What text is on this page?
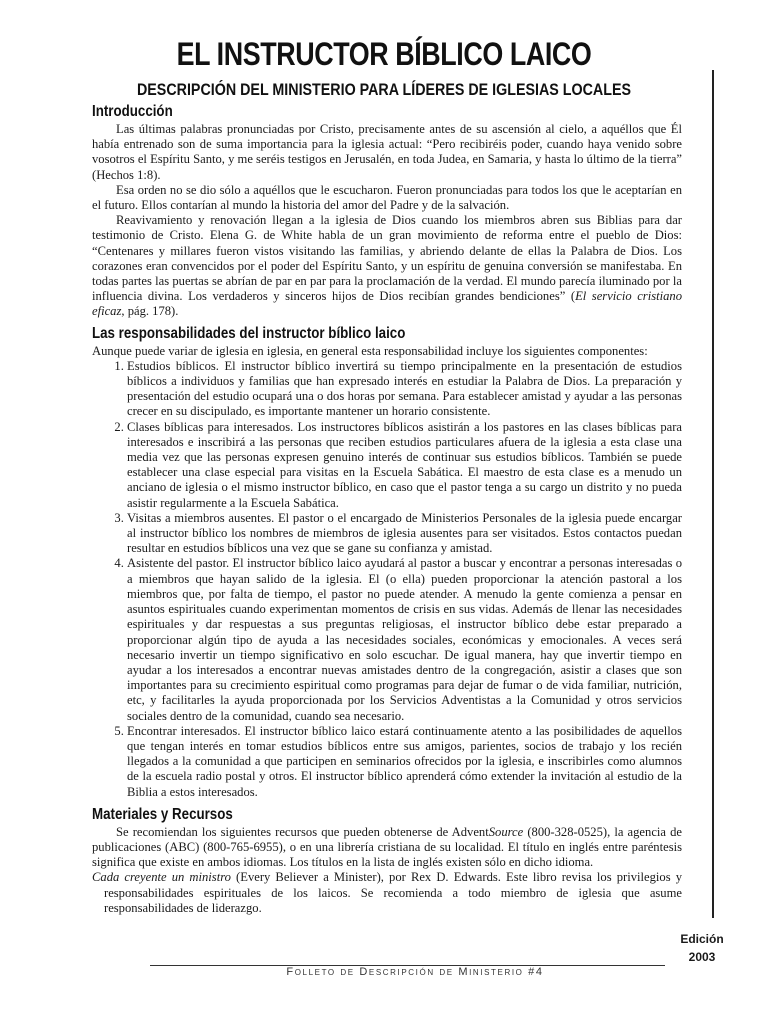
EL INSTRUCTOR BÍBLICO LAICO
DESCRIPCIÓN DEL MINISTERIO PARA LÍDERES DE IGLESIAS LOCALES
Introducción

Las últimas palabras pronunciadas por Cristo, precisamente antes de su ascensión al cielo, a aquéllos que Él había entrenado son de suma importancia para la iglesia actual: “Pero recibiréis poder, cuando haya venido sobre vosotros el Espíritu Santo, y me seréis testigos en Jerusalén, en toda Judea, en Samaria, y hasta lo último de la tierra” (Hechos 1:8).

Esa orden no se dio sólo a aquéllos que le escucharon. Fueron pronunciadas para todos los que le aceptarían en el futuro. Ellos contarían al mundo la historia del amor del Padre y de la salvación.

Reavivamiento y renovación llegan a la iglesia de Dios cuando los miembros abren sus Biblias para dar testimonio de Cristo. Elena G. de White habla de un gran movimiento de reforma entre el pueblo de Dios: “Centenares y millares fueron vistos visitando las familias, y abriendo delante de ellas la Palabra de Dios. Los corazones eran convencidos por el poder del Espíritu Santo, y un espíritu de genuina conversión se manifestaba. En todas partes las puertas se abrían de par en par para la proclamación de la verdad. El mundo parecía iluminado por la influencia divina. Los verdaderos y sinceros hijos de Dios recibían grandes bendiciones” (El servicio cristiano eficaz, pág. 178).

Las responsabilidades del instructor bíblico laico

Aunque puede variar de iglesia en iglesia, en general esta responsabilidad incluye los siguientes componentes:

1. Estudios bíblicos. El instructor bíblico invertirá su tiempo principalmente en la presentación de estudios bíblicos a individuos y familias que han expresado interés en estudiar la Palabra de Dios. La preparación y presentación del estudio ocupará una o dos horas por semana. Para establecer amistad y ayudar a las personas crecer en su discipulado, es importante mantener un horario consistente.
2. Clases bíblicas para interesados. Los instructores bíblicos asistirán a los pastores en las clases bíblicas para interesados e inscribirá a las personas que reciben estudios particulares afuera de la iglesia a esta clase una media vez que las personas expresen genuino interés de continuar sus estudios bíblicos. También se puede establecer una clase especial para visitas en la Escuela Sabática. El maestro de esta clase es a menudo un anciano de iglesia o el mismo instructor bíblico, en caso que el pastor tenga a su cargo un distrito y no pueda asistir regularmente a la Escuela Sabática.
3. Visitas a miembros ausentes. El pastor o el encargado de Ministerios Personales de la iglesia puede encargar al instructor bíblico los nombres de miembros de iglesia ausentes para ser visitados. Estos contactos puedan resultar en estudios bíblicos una vez que se gane su confianza y amistad.
4. Asistente del pastor. El instructor bíblico laico ayudará al pastor a buscar y encontrar a personas interesadas o a miembros que hayan salido de la iglesia. El (o ella) pueden proporcionar la atención pastoral a los miembros que, por falta de tiempo, el pastor no puede atender. A menudo la gente comienza a pensar en asuntos espirituales cuando experimentan momentos de crisis en sus vidas. Además de llenar las necesidades espirituales y dar respuestas a sus preguntas religiosas, el instructor bíblico debe estar preparado a proporcionar algún tipo de ayuda a las necesidades sociales, económicas y emocionales. A veces será necesario invertir un tiempo significativo en solo escuchar. De igual manera, hay que invertir tiempo en ayudar a los interesados a encontrar nuevas amistades dentro de la congregación, asistir a clases que son importantes para su crecimiento espiritual como programas para dejar de fumar o de vida familiar, nutrición, etc, y facilitarles la ayuda proporcionada por los Servicios Adventistas a la Comunidad y otros servicios sociales dentro de la comunidad, cuando sea necesario.
5. Encontrar interesados. El instructor bíblico laico estará continuamente atento a las posibilidades de aquellos que tengan interés en tomar estudios bíblicos entre sus amigos, parientes, socios de trabajo y los recién llegados a la comunidad a que participen en seminarios ofrecidos por la iglesia, e inscribirles como alumnos de la escuela radio postal y otros. El instructor bíblico aprenderá cómo extender la invitación al estudio de la Biblia a estos interesados.
Materiales y Recursos

Se recomiendan los siguientes recursos que pueden obtenerse de AdventSource (800-328-0525), la agencia de publicaciones (ABC) (800-765-6955), o en una librería cristiana de su localidad. El título en inglés entre paréntesis significa que existe en ambos idiomas. Los títulos en la lista de inglés existen sólo en dicho idioma.

Cada creyente un ministro (Every Believer a Minister), por Rex D. Edwards. Este libro revisa los privilegios y responsabilidades espirituales de los laicos. Se recomienda a todo miembro de iglesia que asume responsabilidades de liderazgo.

Edición
2003
Folleto de Descripción de Ministerio #4
